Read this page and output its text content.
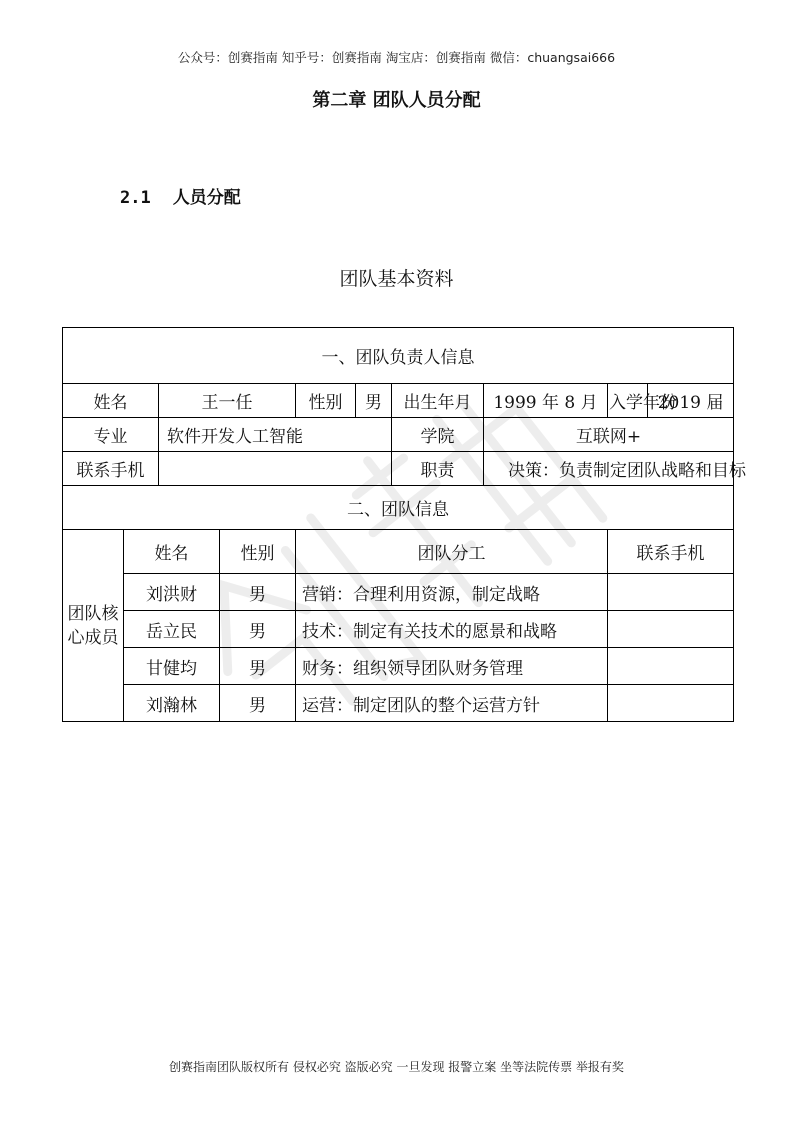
公众号：创赛指南 知乎号：创赛指南 淘宝店：创赛指南 微信：chuangsai666
第二章 团队人员分配
2.1 人员分配
团队基本资料
一、团队负责人信息									
姓名		王一任		性别	男	出生年月	1999 年 8 月	入学年份	2019 届
专业		软件开发人工智能				学院	互联网+		
联系手机						职责	决策：负责制定团队战略和目标		
二、团队信息									
团队核心成员	姓名		性别	团队分工				联系手机	
	刘洪财		男	营销：合理利用资源，制定战略					
	岳立民		男	技术：制定有关技术的愿景和战略					
	甘健均		男	财务：组织领导团队财务管理					
	刘瀚林		男	运营：制定团队的整个运营方针					
创赛指南团队版权所有 侵权必究 盗版必究 一旦发现 报警立案 坐等法院传票 举报有奖
